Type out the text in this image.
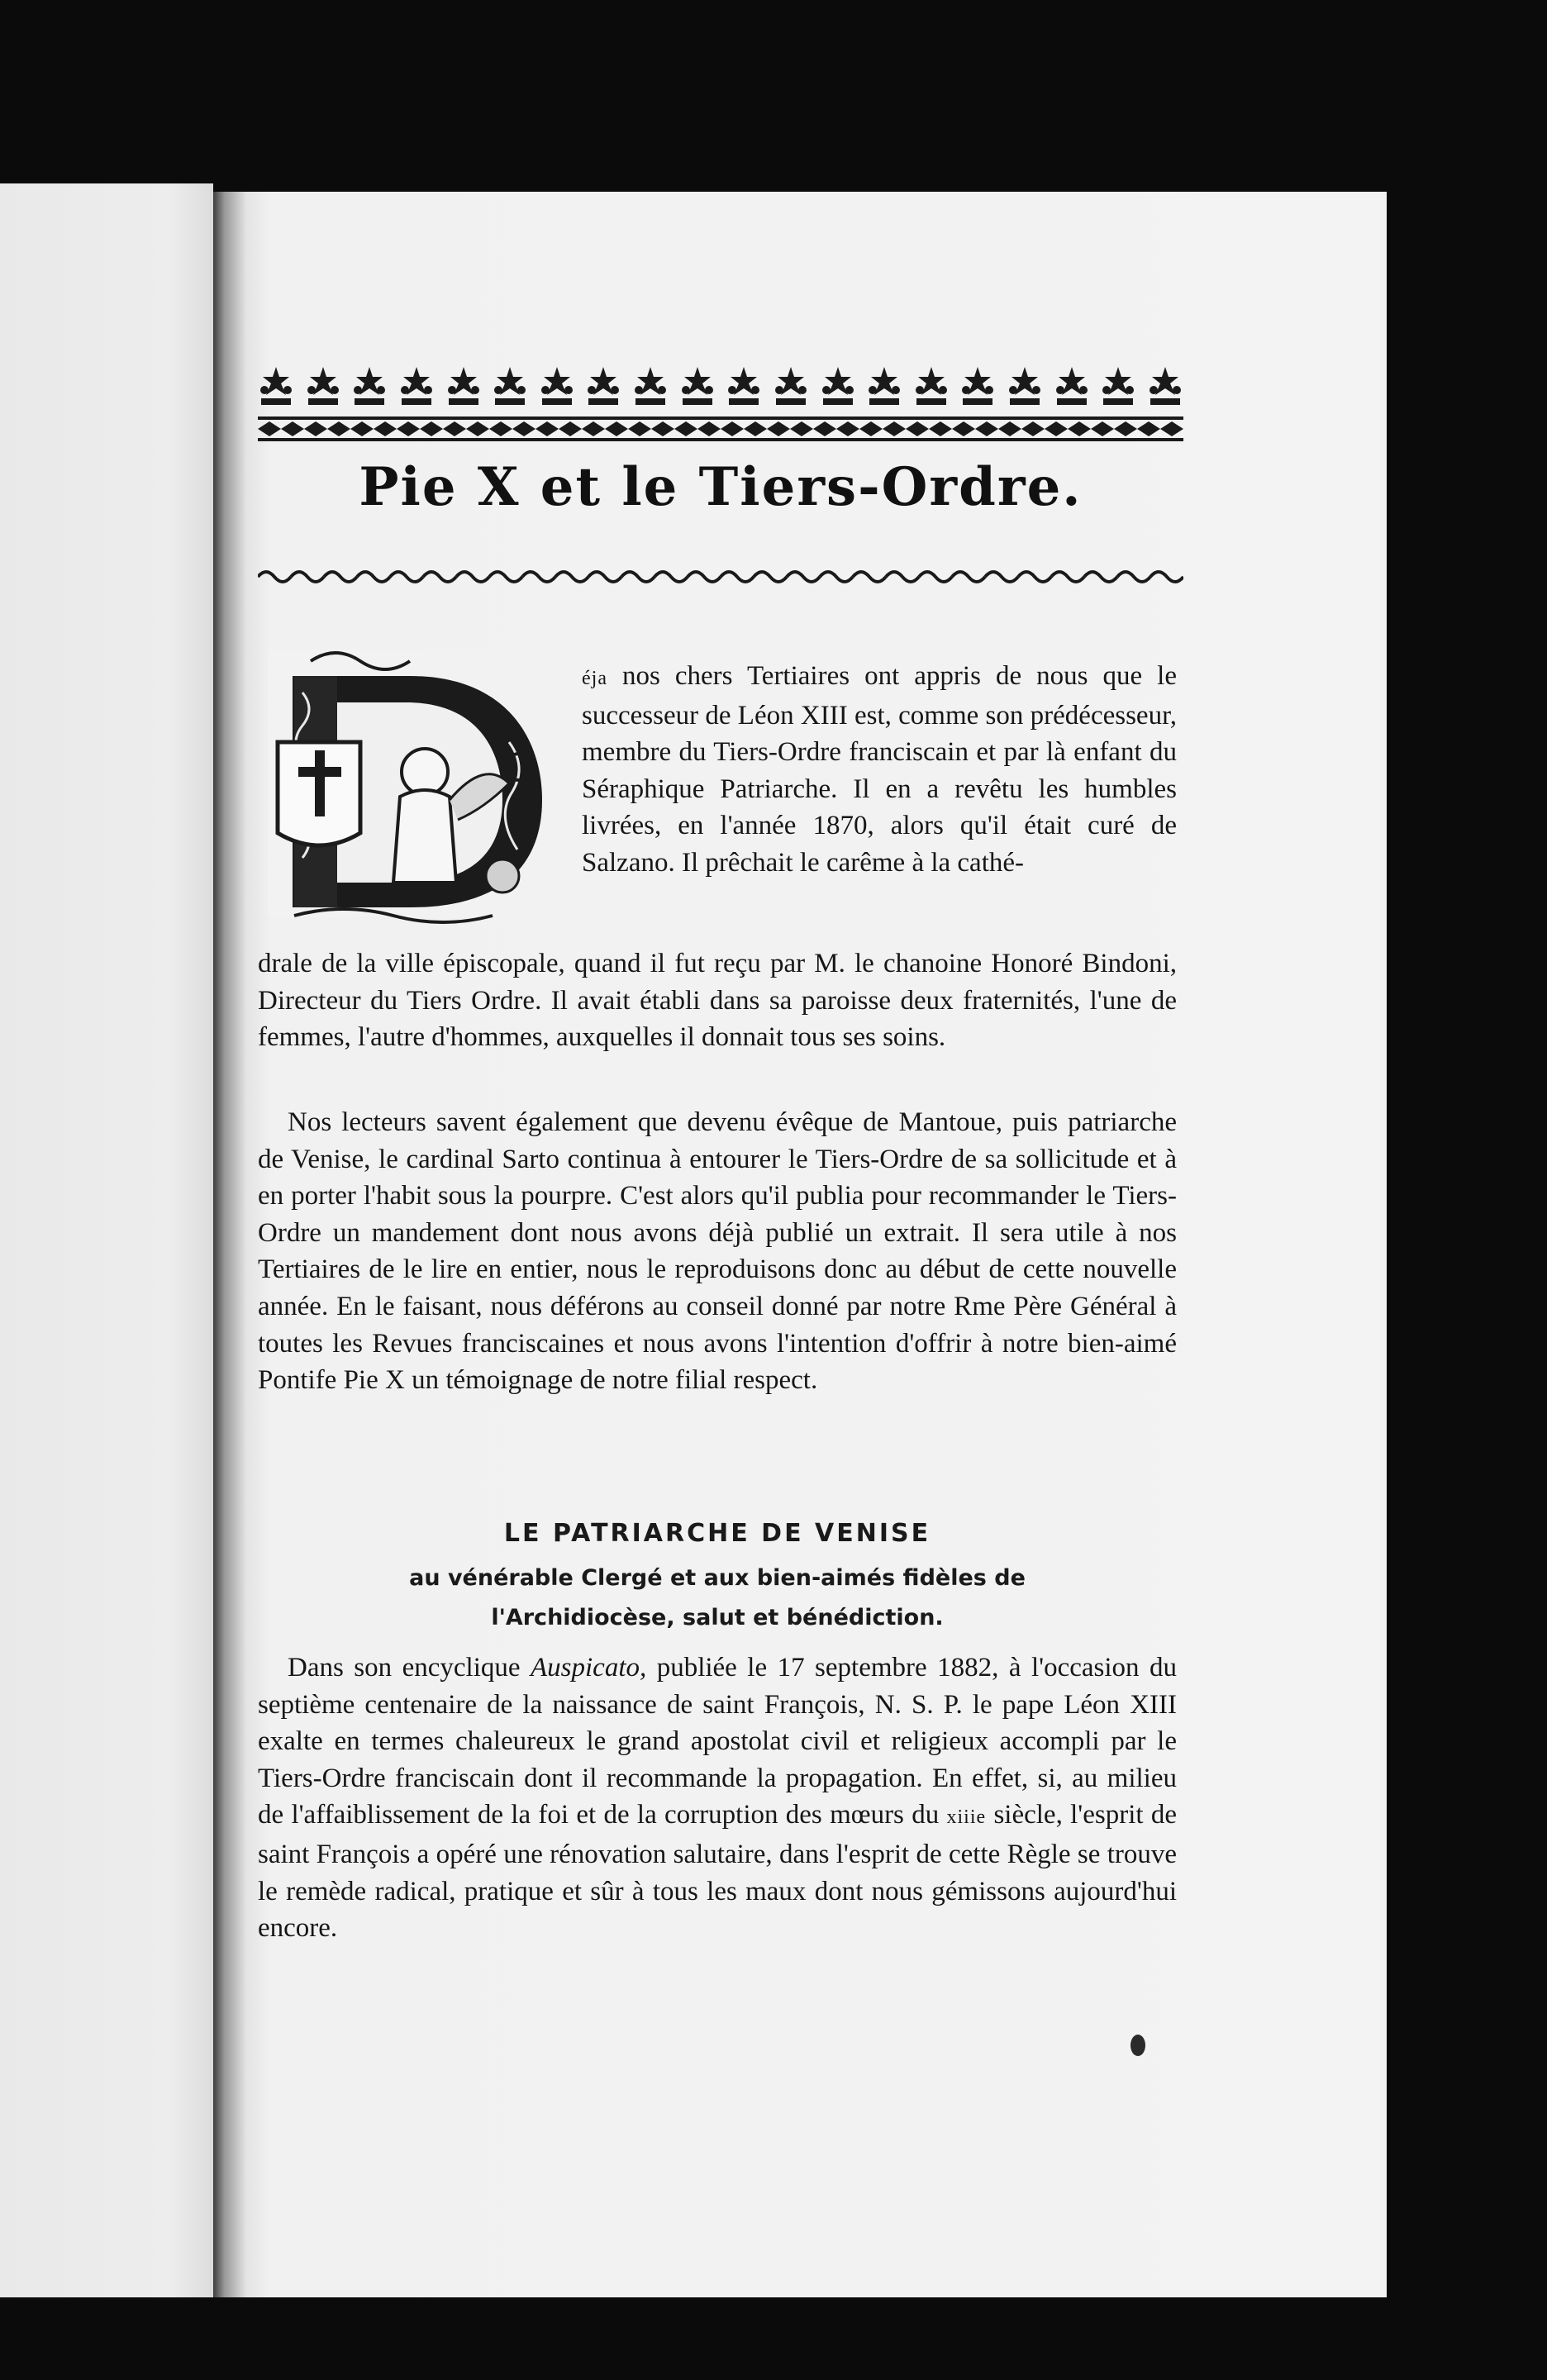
Pie X et le Tiers-Ordre.

éja nos chers Tertiaires ont appris de nous que le successeur de Léon XIII est, comme son prédécesseur, membre du Tiers-Ordre franciscain et par là enfant du Séraphique Patriarche. Il en a revêtu les humbles livrées, en l'année 1870, alors qu'il était curé de Salzano. Il prêchait le carême à la cathé-

drale de la ville épiscopale, quand il fut reçu par M. le chanoine Honoré Bindoni, Directeur du Tiers Ordre. Il avait établi dans sa paroisse deux fraternités, l'une de femmes, l'autre d'hommes, auxquelles il donnait tous ses soins.

Nos lecteurs savent également que devenu évêque de Mantoue, puis patriarche de Venise, le cardinal Sarto continua à entourer le Tiers-Ordre de sa sollicitude et à en porter l'habit sous la pourpre. C'est alors qu'il publia pour recommander le Tiers-Ordre un mandement dont nous avons déjà publié un extrait. Il sera utile à nos Tertiaires de le lire en entier, nous le reproduisons donc au début de cette nouvelle année. En le faisant, nous déférons au conseil donné par notre Rme Père Général à toutes les Revues franciscaines et nous avons l'intention d'offrir à notre bien-aimé Pontife Pie X un témoignage de notre filial respect.

LE PATRIARCHE DE VENISE
au vénérable Clergé et aux bien-aimés fidèles de
l'Archidiocèse, salut et bénédiction.

Dans son encyclique Auspicato, publiée le 17 septembre 1882, à l'occasion du septième centenaire de la naissance de saint François, N. S. P. le pape Léon XIII exalte en termes chaleureux le grand apostolat civil et religieux accompli par le Tiers-Ordre franciscain dont il recommande la propagation. En effet, si, au milieu de l'affaiblissement de la foi et de la corruption des mœurs du xiiie siècle, l'esprit de saint François a opéré une rénovation salutaire, dans l'esprit de cette Règle se trouve le remède radical, pratique et sûr à tous les maux dont nous gémissons aujourd'hui encore.
